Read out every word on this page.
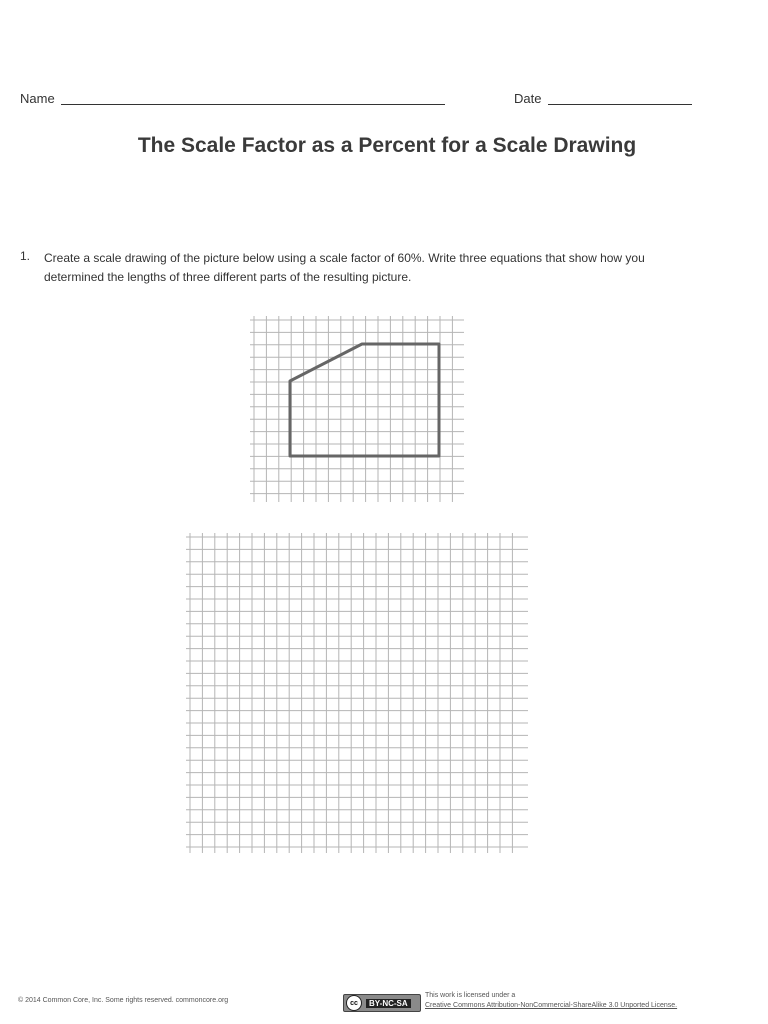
Name	Date
The Scale Factor as a Percent for a Scale Drawing
1. Create a scale drawing of the picture below using a scale factor of 60%. Write three equations that show how you determined the lengths of three different parts of the resulting picture.
© 2014 Common Core, Inc. Some rights reserved. commoncore.org	cc	BY-NC-SA
This work is licensed under a
Creative Commons Attribution-NonCommercial-ShareAlike 3.0 Unported License.
